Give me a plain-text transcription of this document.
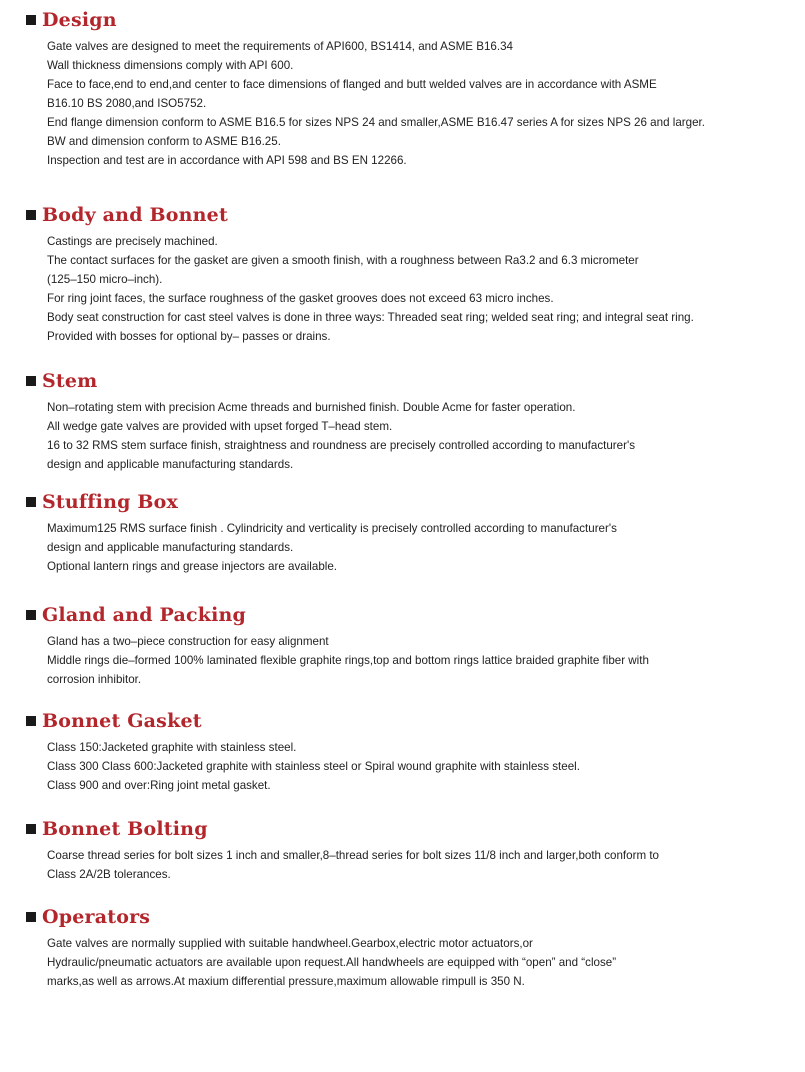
Design
Gate valves are designed to meet the requirements of API600, BS1414, and ASME B16.34
Wall thickness dimensions comply with API 600.
Face to face,end to end,and center to face dimensions of flanged and butt welded valves are in accordance with ASME
B16.10 BS 2080,and ISO5752.
End flange dimension conform to ASME B16.5 for sizes NPS 24 and smaller,ASME B16.47 series A for sizes NPS 26 and larger.
BW and dimension conform to ASME B16.25.
Inspection and test are in accordance with API 598 and BS EN 12266.
Body and Bonnet
Castings are precisely machined.
The contact surfaces for the gasket are given a smooth finish, with a roughness between Ra3.2 and 6.3 micrometer
(125–150 micro–inch).
For ring joint faces, the surface roughness of the gasket grooves does not exceed 63 micro inches.
Body seat construction for cast steel valves is done in three ways: Threaded seat ring; welded seat ring; and integral seat ring.
Provided with bosses for optional by– passes or drains.
Stem
Non–rotating stem with precision Acme threads and burnished finish. Double Acme for faster operation.
All wedge gate valves are provided with upset forged T–head stem.
16 to 32 RMS stem surface finish, straightness and roundness are precisely controlled according to manufacturer's
design and applicable manufacturing standards.
Stuffing Box
Maximum125 RMS surface finish . Cylindricity and verticality is precisely controlled according to manufacturer's
design and applicable manufacturing standards.
Optional lantern rings and grease injectors are available.
Gland and Packing
Gland has a two–piece construction for easy alignment
Middle rings die–formed 100% laminated flexible graphite rings,top and bottom rings lattice braided graphite fiber with
corrosion inhibitor.
Bonnet Gasket
Class 150:Jacketed graphite with stainless steel.
Class 300 Class 600:Jacketed graphite with stainless steel or Spiral wound graphite with stainless steel.
Class 900 and over:Ring joint metal gasket.
Bonnet Bolting
Coarse thread series for bolt sizes 1 inch and smaller,8–thread series for bolt sizes 11/8 inch and larger,both conform to
Class 2A/2B tolerances.
Operators
Gate valves are normally supplied with suitable handwheel.Gearbox,electric motor actuators,or
Hydraulic/pneumatic actuators are available upon request.All handwheels are equipped with “open” and “close”
marks,as well as arrows.At maxium differential pressure,maximum allowable rimpull is 350 N.
